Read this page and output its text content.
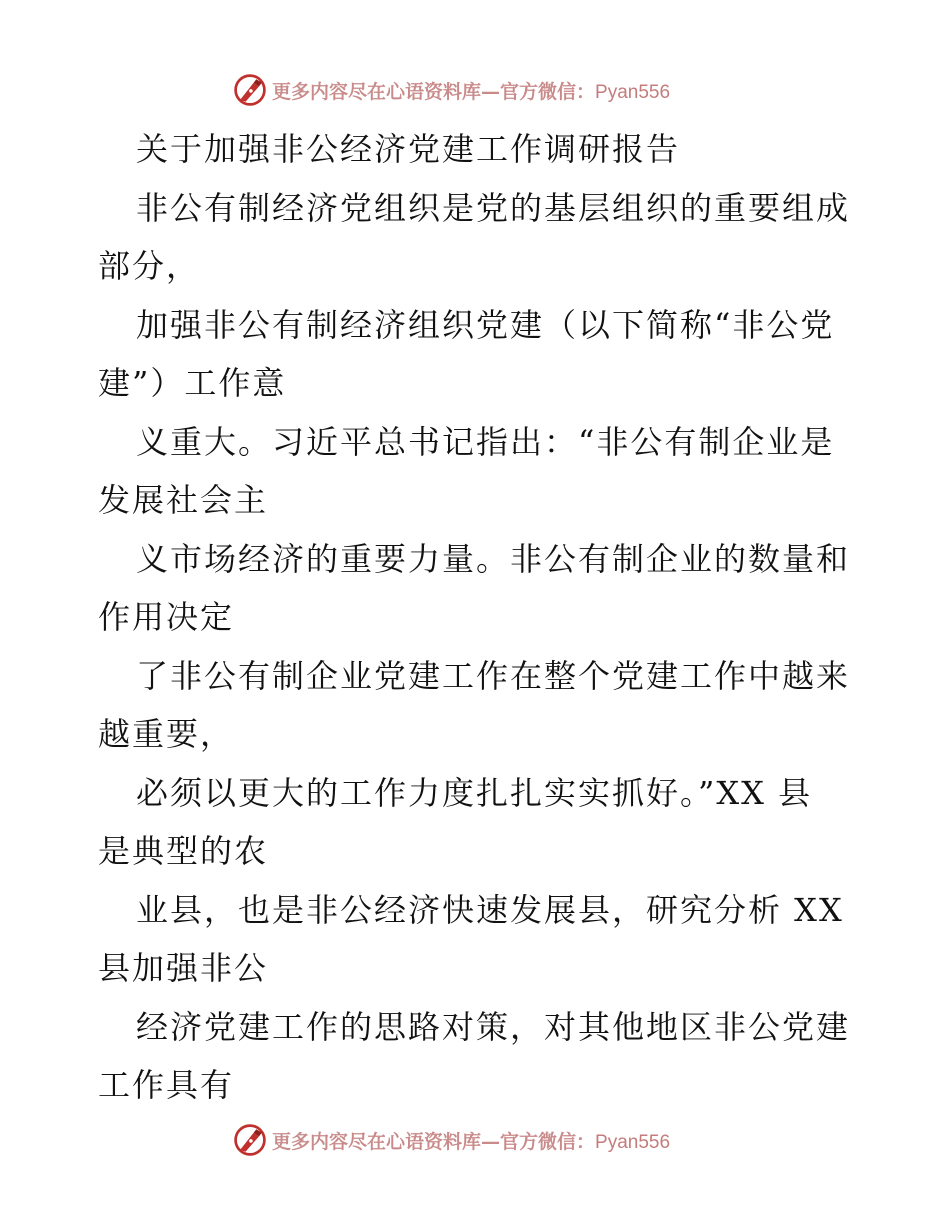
更多内容尽在心语资料库—官方微信：Pyan556
关于加强非公经济党建工作调研报告
非公有制经济党组织是党的基层组织的重要组成
部分，
加强非公有制经济组织党建（以下简称“非公党
建”）工作意
义重大。习近平总书记指出：“非公有制企业是
发展社会主
义市场经济的重要力量。非公有制企业的数量和
作用决定
了非公有制企业党建工作在整个党建工作中越来
越重要，
必须以更大的工作力度扎扎实实抓好。”XX 县
是典型的农
业县，也是非公经济快速发展县，研究分析 XX
县加强非公
经济党建工作的思路对策，对其他地区非公党建
工作具有
更多内容尽在心语资料库—官方微信：Pyan556
